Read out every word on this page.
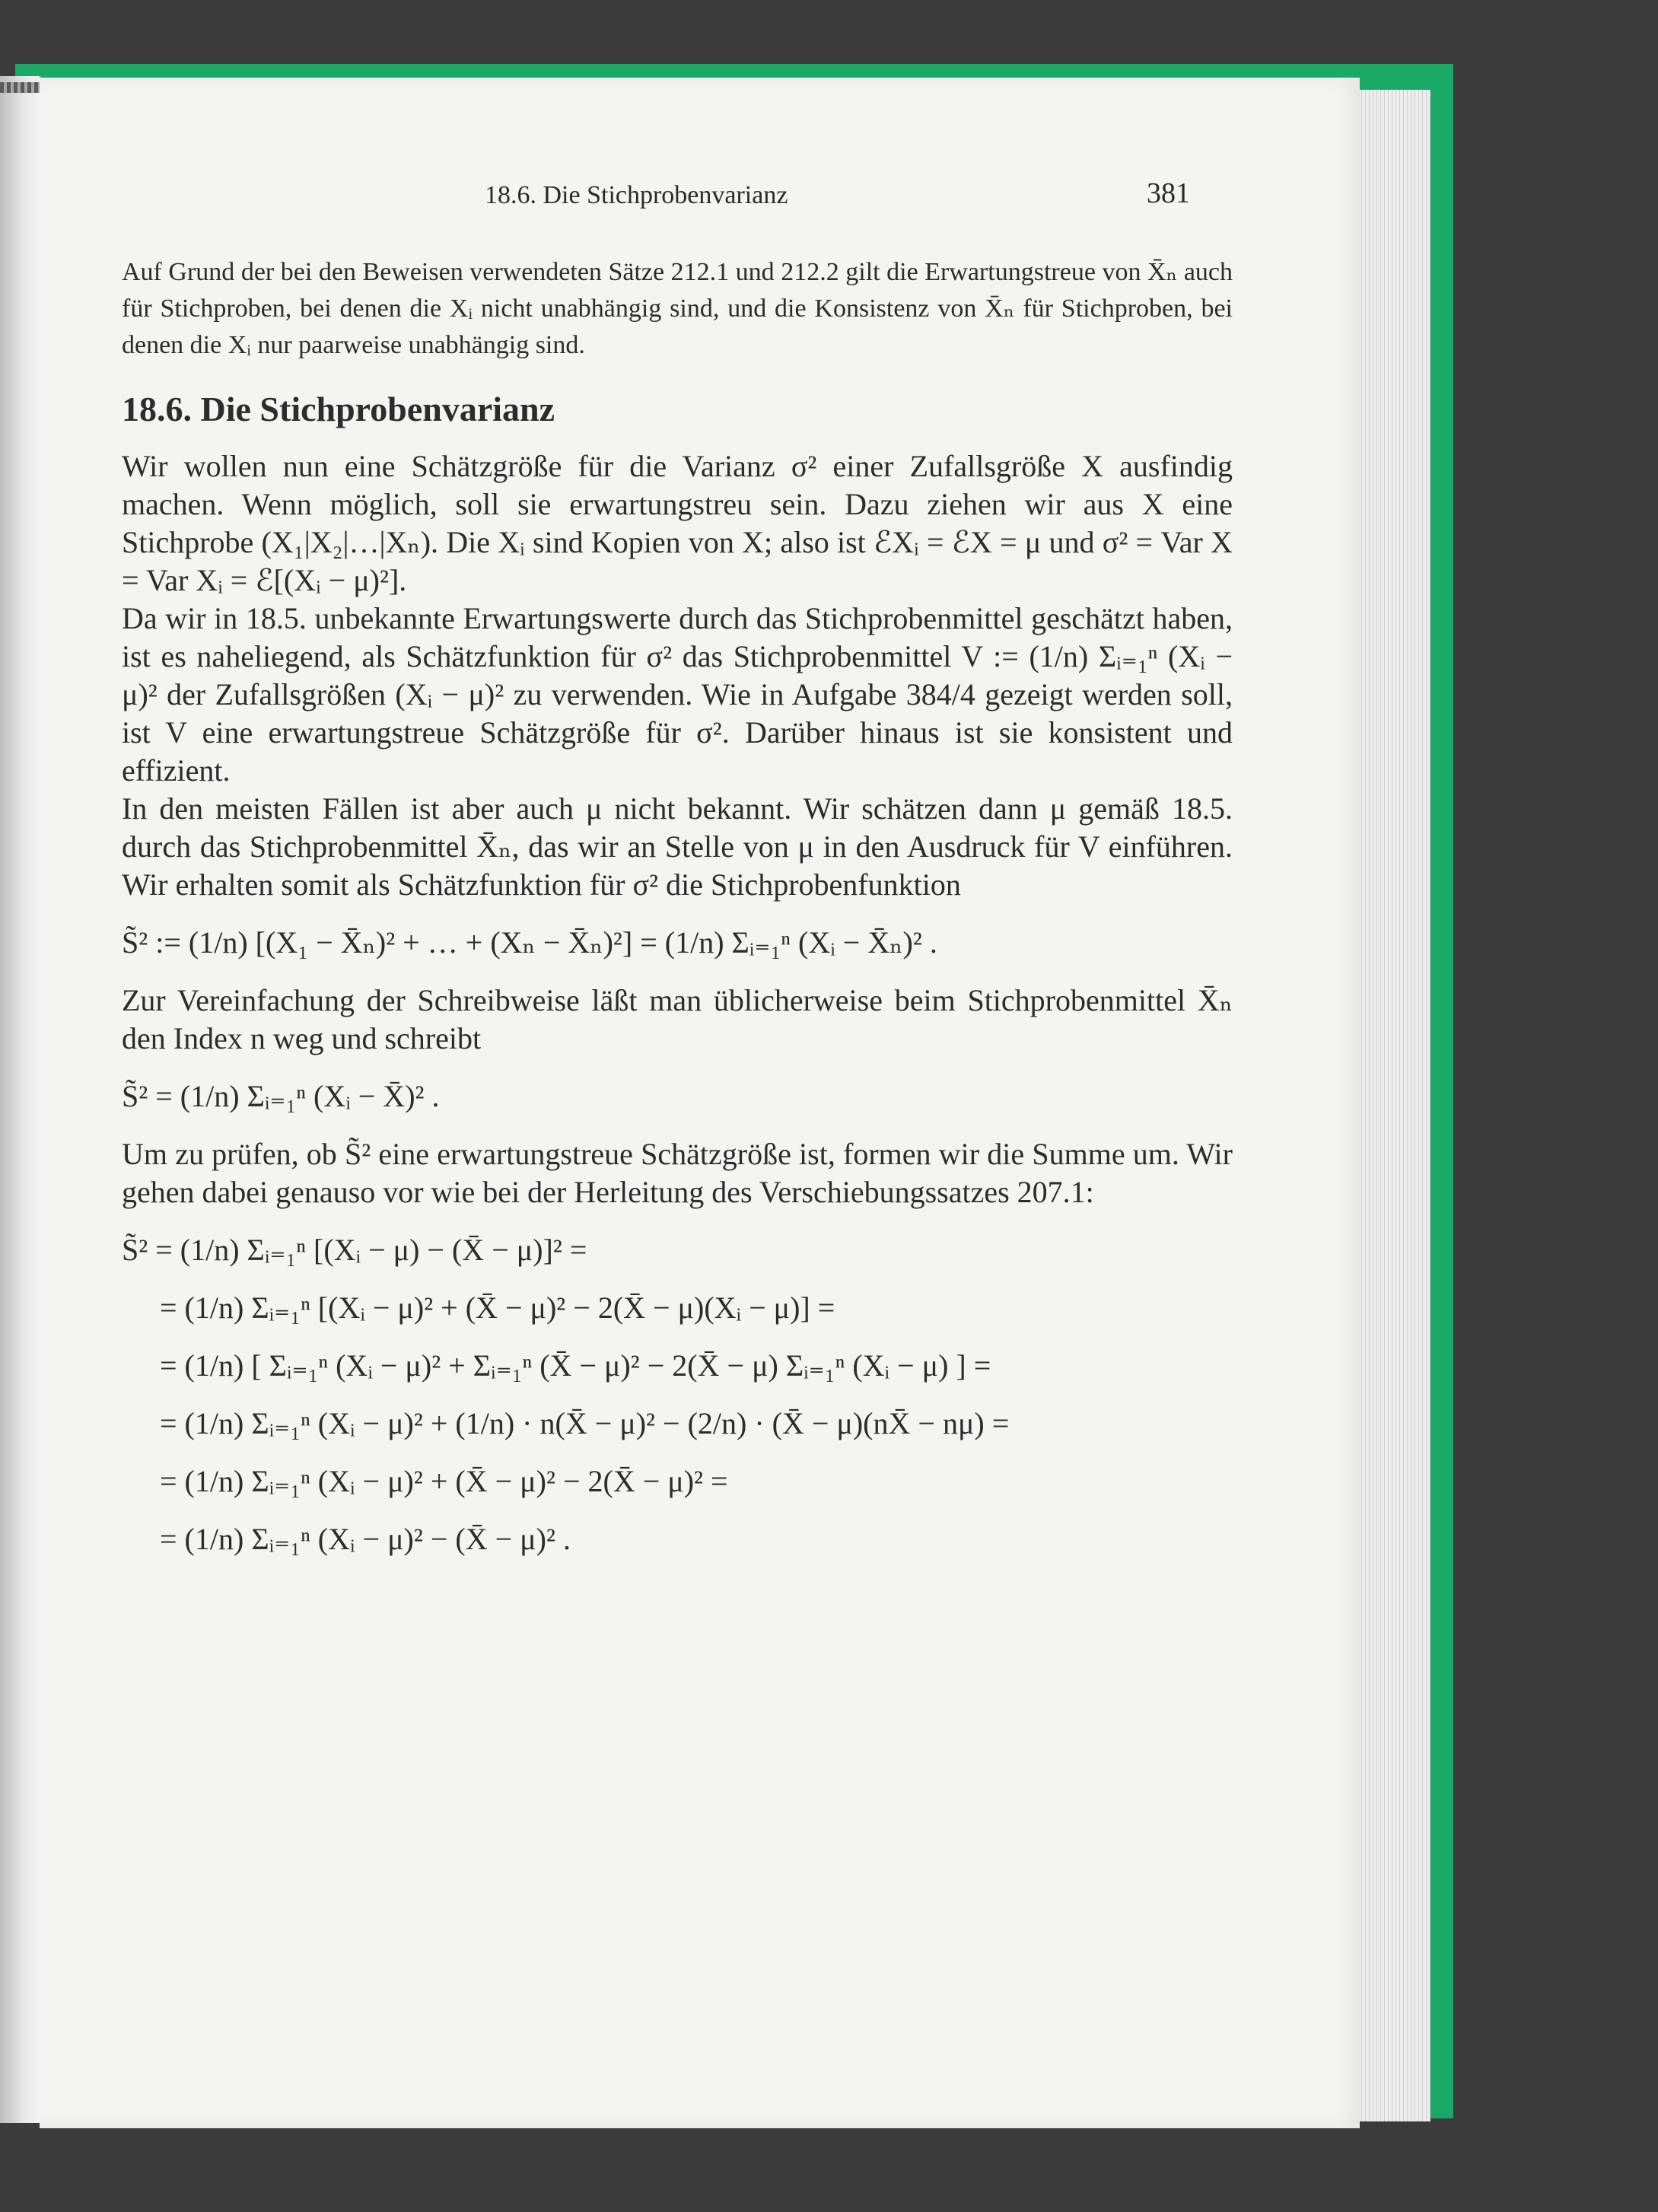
18.6. Die Stichprobenvarianz	381

Auf Grund der bei den Beweisen verwendeten Sätze 212.1 und 212.2 gilt die Erwartungstreue von X̄ₙ auch für Stichproben, bei denen die Xᵢ nicht unabhängig sind, und die Konsistenz von X̄ₙ für Stichproben, bei denen die Xᵢ nur paarweise unabhängig sind.

18.6. Die Stichprobenvarianz

Wir wollen nun eine Schätzgröße für die Varianz σ² einer Zufallsgröße X ausfindig machen. Wenn möglich, soll sie erwartungstreu sein. Dazu ziehen wir aus X eine Stichprobe (X₁|X₂|…|Xₙ). Die Xᵢ sind Kopien von X; also ist ℰXᵢ = ℰX = μ und σ² = Var X = Var Xᵢ = ℰ[(Xᵢ − μ)²].

Da wir in 18.5. unbekannte Erwartungswerte durch das Stichprobenmittel geschätzt haben, ist es naheliegend, als Schätzfunktion für σ² das Stichprobenmittel V := (1/n) Σᵢ₌₁ⁿ (Xᵢ − μ)² der Zufallsgrößen (Xᵢ − μ)² zu verwenden. Wie in Aufgabe 384/4 gezeigt werden soll, ist V eine erwartungstreue Schätzgröße für σ². Darüber hinaus ist sie konsistent und effizient.

In den meisten Fällen ist aber auch μ nicht bekannt. Wir schätzen dann μ gemäß 18.5. durch das Stichprobenmittel X̄ₙ, das wir an Stelle von μ in den Ausdruck für V einführen. Wir erhalten somit als Schätzfunktion für σ² die Stichprobenfunktion

S̃² := (1/n) [(X₁ − X̄ₙ)² + … + (Xₙ − X̄ₙ)²] = (1/n) Σᵢ₌₁ⁿ (Xᵢ − X̄ₙ)² .

Zur Vereinfachung der Schreibweise läßt man üblicherweise beim Stichprobenmittel X̄ₙ den Index n weg und schreibt

S̃² = (1/n) Σᵢ₌₁ⁿ (Xᵢ − X̄)² .

Um zu prüfen, ob S̃² eine erwartungstreue Schätzgröße ist, formen wir die Summe um. Wir gehen dabei genauso vor wie bei der Herleitung des Verschiebungssatzes 207.1:

S̃² = (1/n) Σᵢ₌₁ⁿ [(Xᵢ − μ) − (X̄ − μ)]² =
= (1/n) Σᵢ₌₁ⁿ [(Xᵢ − μ)² + (X̄ − μ)² − 2(X̄ − μ)(Xᵢ − μ)] =
= (1/n) [ Σᵢ₌₁ⁿ (Xᵢ − μ)² + Σᵢ₌₁ⁿ (X̄ − μ)² − 2(X̄ − μ) Σᵢ₌₁ⁿ (Xᵢ − μ) ] =
= (1/n) Σᵢ₌₁ⁿ (Xᵢ − μ)² + (1/n) · n(X̄ − μ)² − (2/n) · (X̄ − μ)(nX̄ − nμ) =
= (1/n) Σᵢ₌₁ⁿ (Xᵢ − μ)² + (X̄ − μ)² − 2(X̄ − μ)² =
= (1/n) Σᵢ₌₁ⁿ (Xᵢ − μ)² − (X̄ − μ)² .
